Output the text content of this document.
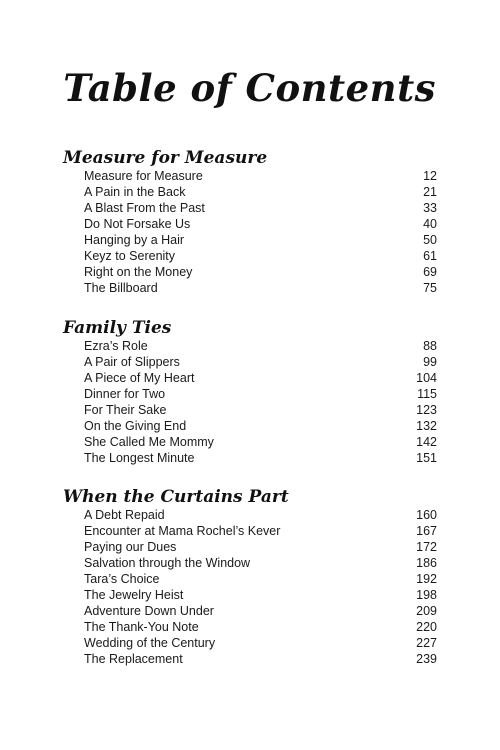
Table of Contents
Measure for Measure
Measure for Measure	12
A Pain in the Back	21
A Blast From the Past	33
Do Not Forsake Us	40
Hanging by a Hair	50
Keyz to Serenity	61
Right on the Money	69
The Billboard	75
Family Ties
Ezra’s Role	88
A Pair of Slippers	99
A Piece of My Heart	104
Dinner for Two	115
For Their Sake	123
On the Giving End	132
She Called Me Mommy	142
The Longest Minute	151
When the Curtains Part
A Debt Repaid	160
Encounter at Mama Rochel’s Kever	167
Paying our Dues	172
Salvation through the Window	186
Tara’s Choice	192
The Jewelry Heist	198
Adventure Down Under	209
The Thank-You Note	220
Wedding of the Century	227
The Replacement	239
